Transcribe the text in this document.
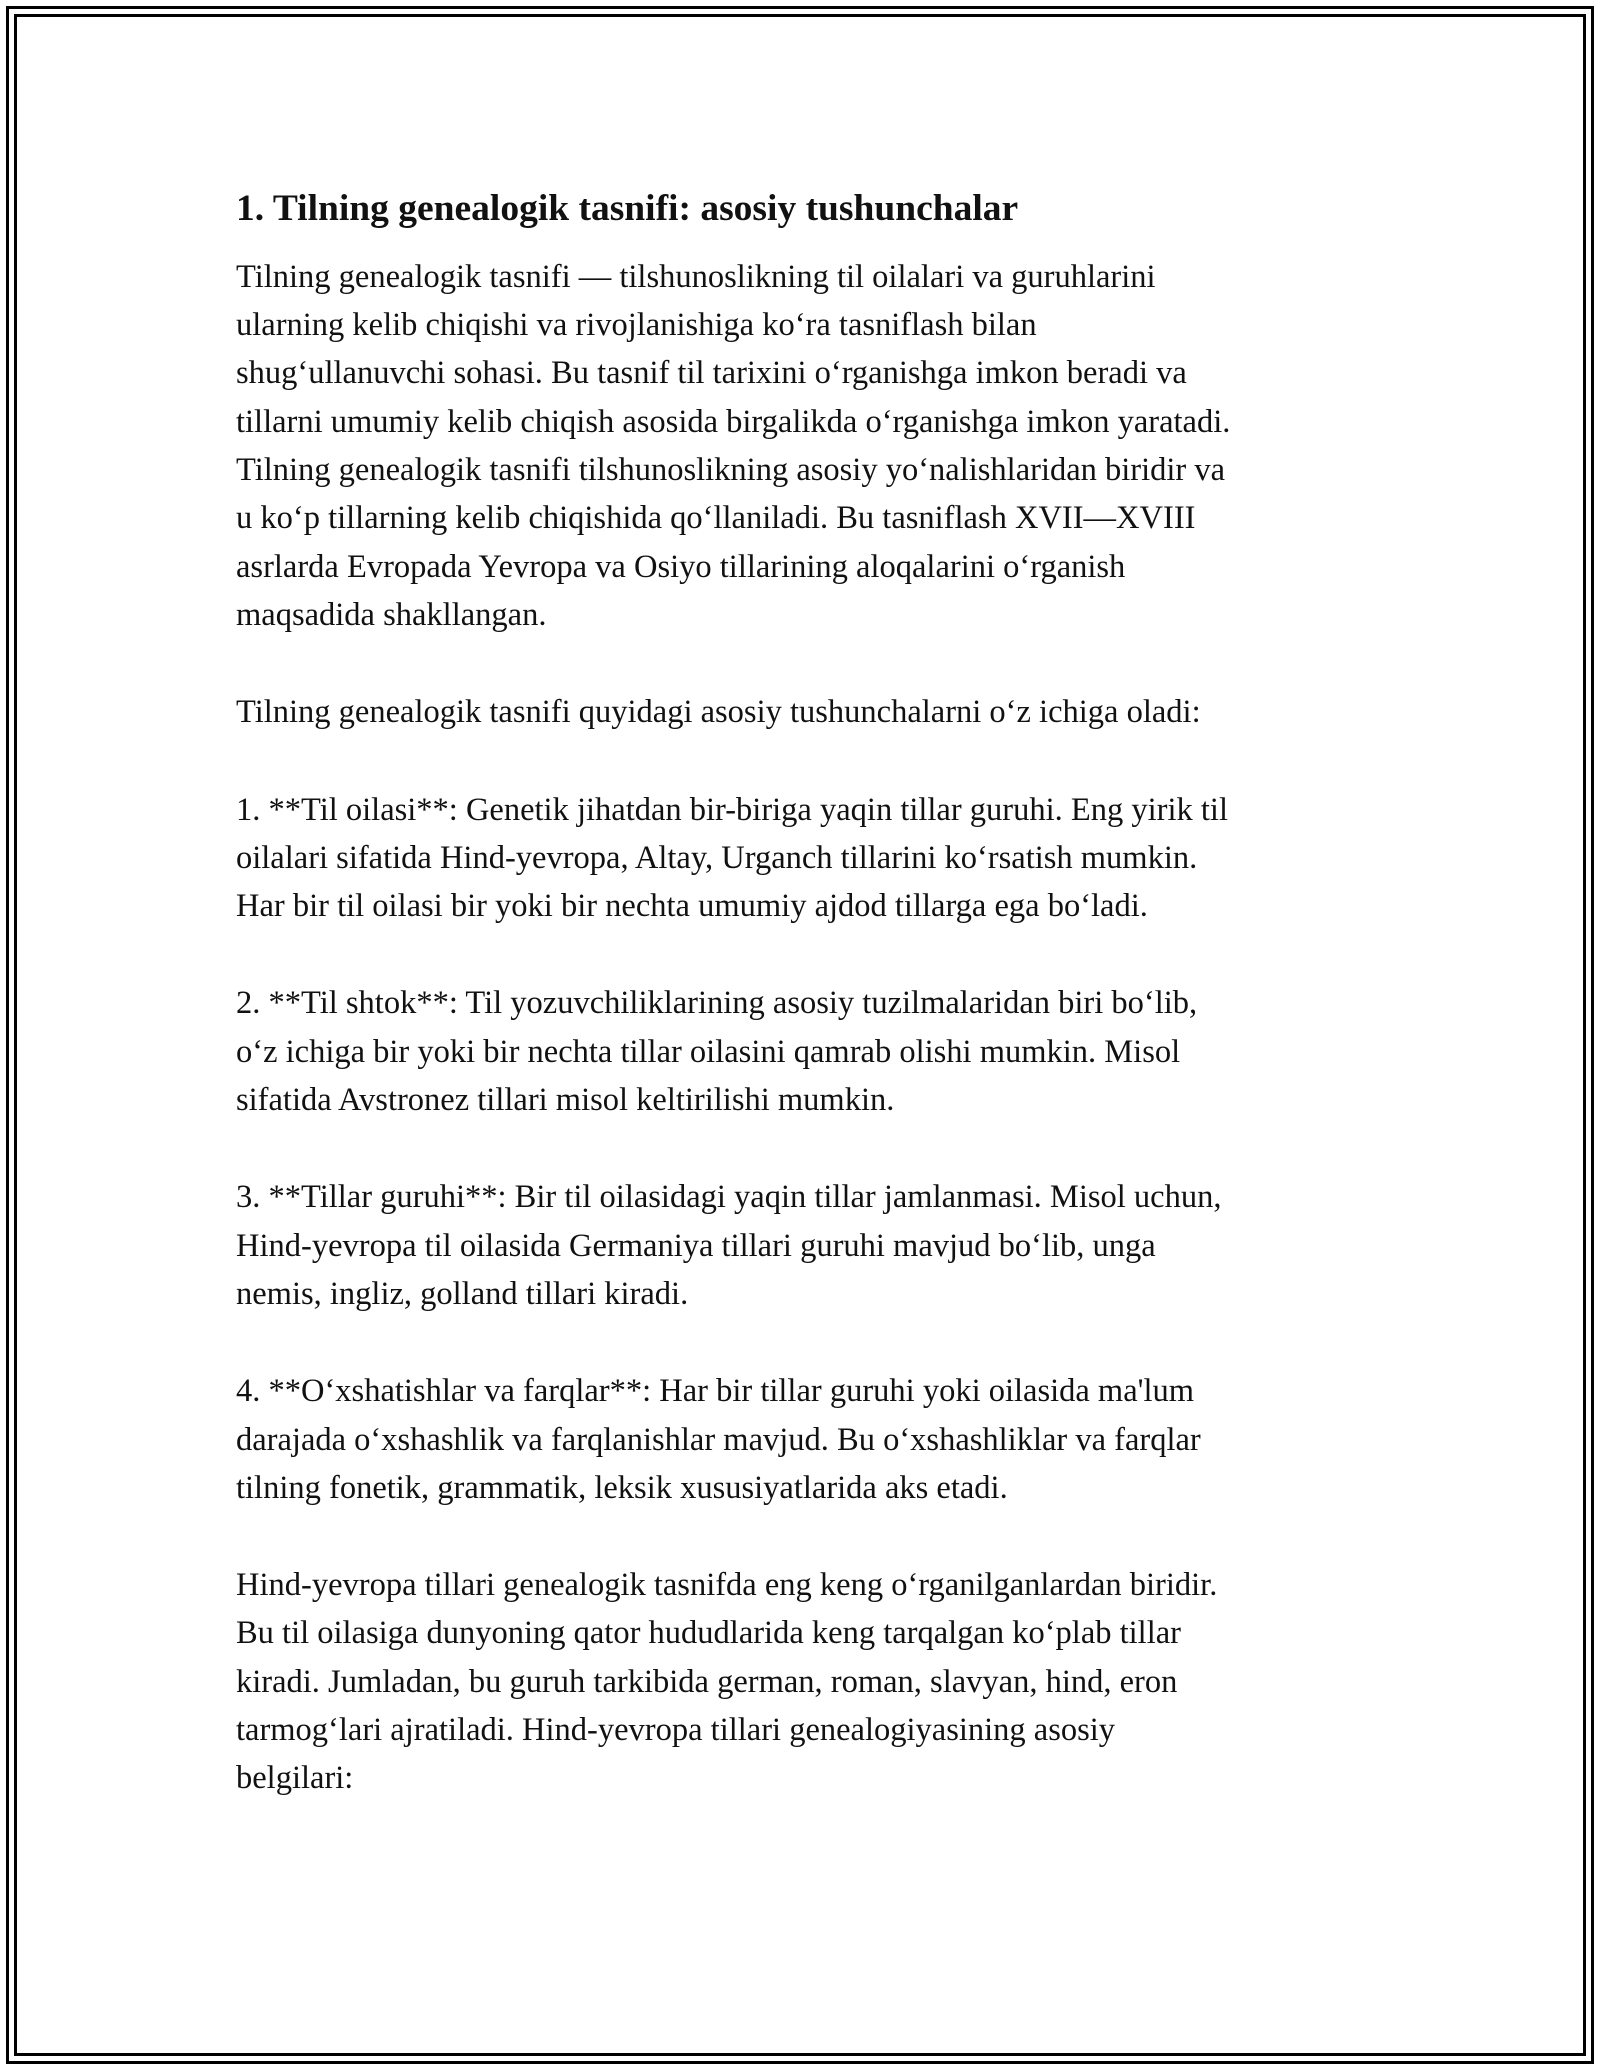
1. Tilning genealogik tasnifi: asosiy tushunchalar

Tilning genealogik tasnifi — tilshunoslikning til oilalari va guruhlarini
ularning kelib chiqishi va rivojlanishiga koʻra tasniflash bilan
shugʻullanuvchi sohasi. Bu tasnif til tarixini oʻrganishga imkon beradi va
tillarni umumiy kelib chiqish asosida birgalikda oʻrganishga imkon yaratadi.
Tilning genealogik tasnifi tilshunoslikning asosiy yoʻnalishlaridan biridir va
u koʻp tillarning kelib chiqishida qoʻllaniladi. Bu tasniflash XVII—XVIII
asrlarda Evropada Yevropa va Osiyo tillarining aloqalarini oʻrganish
maqsadida shakllangan.

Tilning genealogik tasnifi quyidagi asosiy tushunchalarni oʻz ichiga oladi:

1. **Til oilasi**: Genetik jihatdan bir-biriga yaqin tillar guruhi. Eng yirik til
oilalari sifatida Hind-yevropa, Altay, Urganch tillarini koʻrsatish mumkin.
Har bir til oilasi bir yoki bir nechta umumiy ajdod tillarga ega boʻladi.

2. **Til shtok**: Til yozuvchiliklarining asosiy tuzilmalaridan biri boʻlib,
oʻz ichiga bir yoki bir nechta tillar oilasini qamrab olishi mumkin. Misol
sifatida Avstronez tillari misol keltirilishi mumkin.

3. **Tillar guruhi**: Bir til oilasidagi yaqin tillar jamlanmasi. Misol uchun,
Hind-yevropa til oilasida Germaniya tillari guruhi mavjud boʻlib, unga
nemis, ingliz, golland tillari kiradi.

4. **Oʻxshatishlar va farqlar**: Har bir tillar guruhi yoki oilasida ma'lum
darajada oʻxshashlik va farqlanishlar mavjud. Bu oʻxshashliklar va farqlar
tilning fonetik, grammatik, leksik xususiyatlarida aks etadi.

Hind-yevropa tillari genealogik tasnifda eng keng oʻrganilganlardan biridir.
Bu til oilasiga dunyoning qator hududlarida keng tarqalgan koʻplab tillar
kiradi. Jumladan, bu guruh tarkibida german, roman, slavyan, hind, eron
tarmogʻlari ajratiladi. Hind-yevropa tillari genealogiyasining asosiy
belgilari:
